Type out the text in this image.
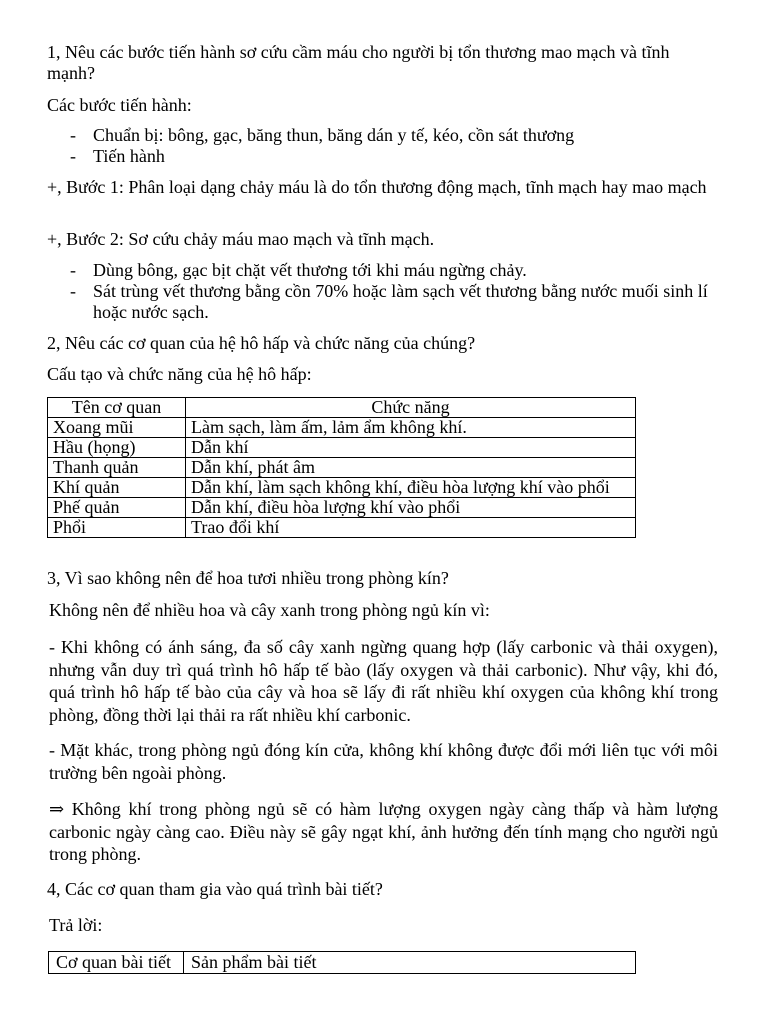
1, Nêu các bước tiến hành sơ cứu cầm máu cho người bị tổn thương mao mạch và tĩnh mạnh?
Các bước tiến hành:
- Chuẩn bị: bông, gạc, băng thun, băng dán y tế, kéo, cồn sát thương
- Tiến hành
+, Bước 1: Phân loại dạng chảy máu là do tổn thương động mạch, tĩnh mạch hay mao mạch
+, Bước 2: Sơ cứu chảy máu mao mạch và tĩnh mạch.
- Dùng bông, gạc bịt chặt vết thương tới khi máu ngừng chảy.
- Sát trùng vết thương bằng cồn 70% hoặc làm sạch vết thương bằng nước muối sinh lí hoặc nước sạch.
2, Nêu các cơ quan của hệ hô hấp và chức năng của chúng?
Cấu tạo và chức năng của hệ hô hấp:
Tên cơ quan	Chức năng
Xoang mũi	Làm sạch, làm ấm, lảm ẩm không khí.
Hầu (họng)	Dẫn khí
Thanh quản	Dẫn khí, phát âm
Khí quản	Dẫn khí, làm sạch không khí, điều hòa lượng khí vào phổi
Phế quản	Dẫn khí, điều hòa lượng khí vào phổi
Phổi	Trao đổi khí
3, Vì sao không nên để hoa tươi nhiều trong phòng kín?
Không nên để nhiều hoa và cây xanh trong phòng ngủ kín vì:
- Khi không có ánh sáng, đa số cây xanh ngừng quang hợp (lấy carbonic và thải oxygen),
nhưng vẫn duy trì quá trình hô hấp tế bào (lấy oxygen và thải carbonic). Như vậy, khi đó,
quá trình hô hấp tế bào của cây và hoa sẽ lấy đi rất nhiều khí oxygen của không khí trong
phòng, đồng thời lại thải ra rất nhiều khí carbonic.
- Mặt khác, trong phòng ngủ đóng kín cửa, không khí không được đổi mới liên tục với môi
trường bên ngoài phòng.
⇒ Không khí trong phòng ngủ sẽ có hàm lượng oxygen ngày càng thấp và hàm lượng
carbonic ngày càng cao. Điều này sẽ gây ngạt khí, ảnh hưởng đến tính mạng cho người ngủ
trong phòng.
4, Các cơ quan tham gia vào quá trình bài tiết?
Trả lời:
Cơ quan bài tiết	Sản phẩm bài tiết
